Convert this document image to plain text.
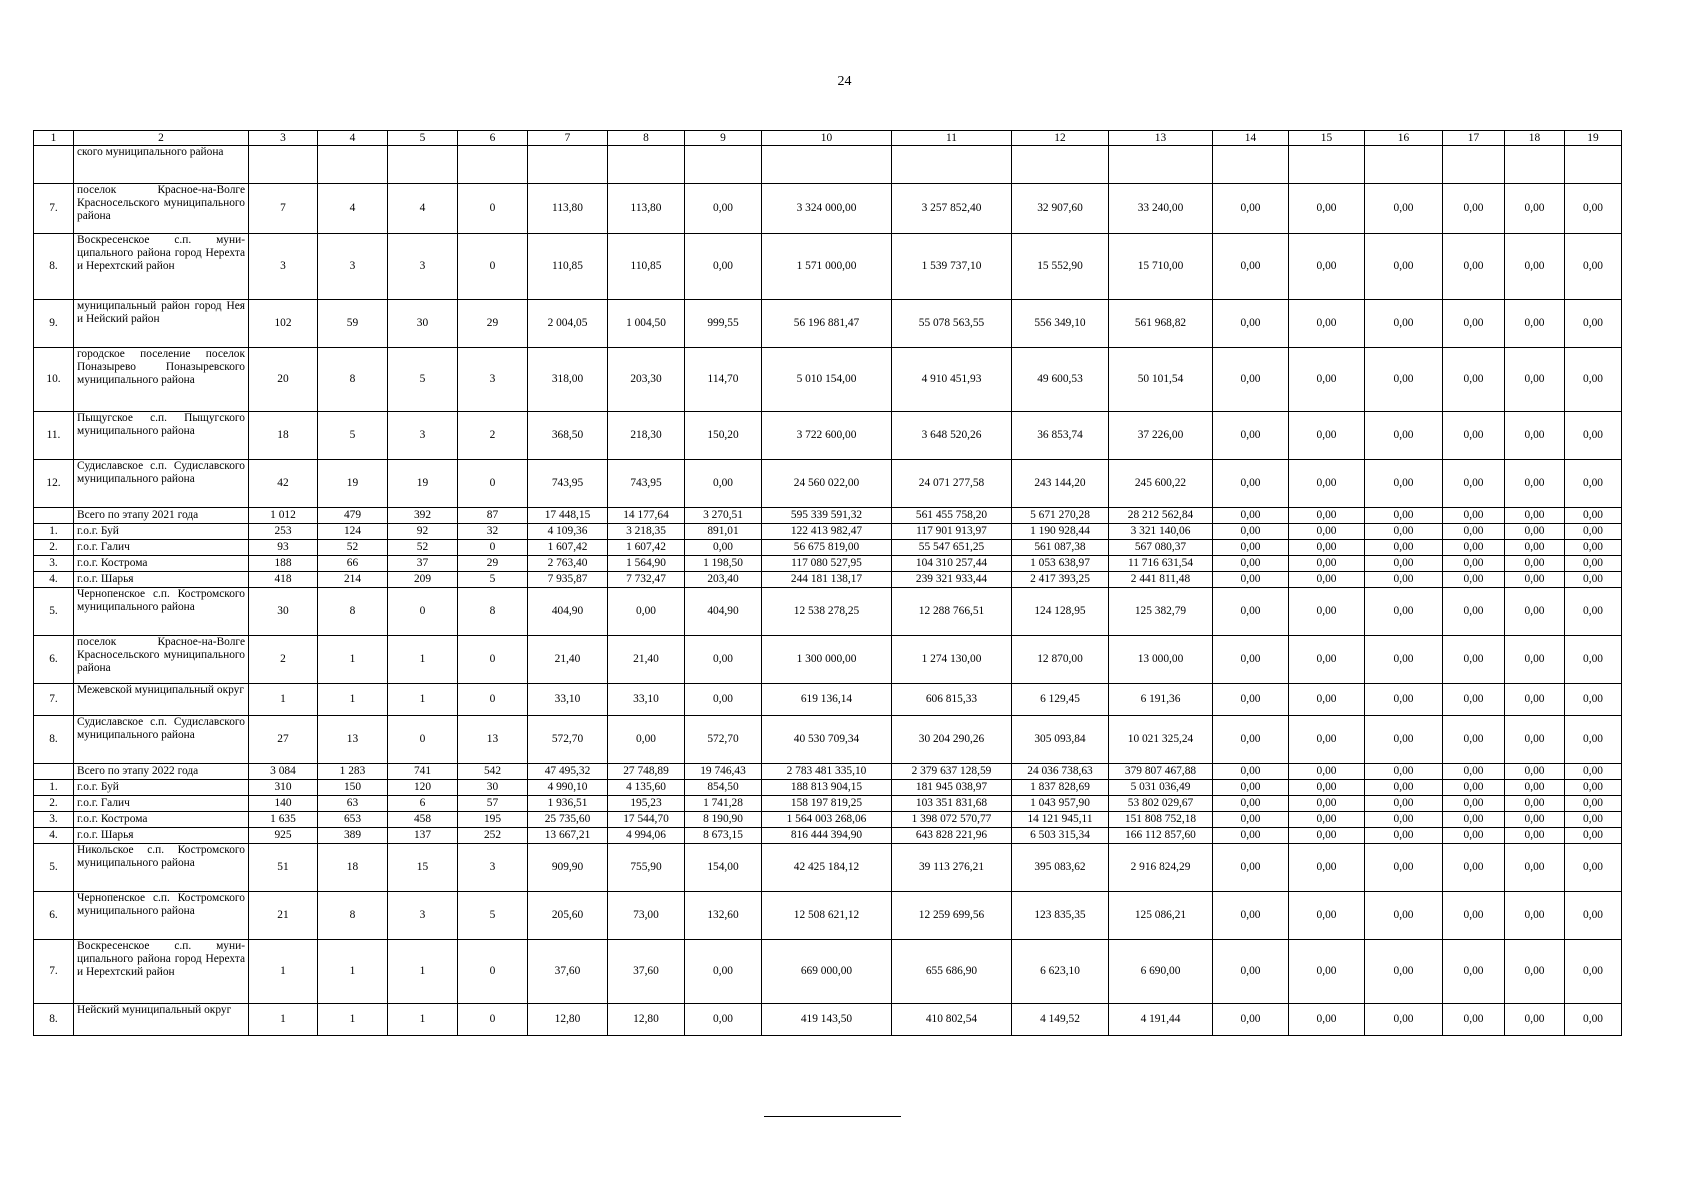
24
1	2	3	4	5	6	7	8	9	10	11	12	13	14	15	16	17	18	19
	ского муниципального района																	
7.	поселок Красное-на-Волге Красносельского муниципального района	7	4	4	0	113,80	113,80	0,00	3 324 000,00	3 257 852,40	32 907,60	33 240,00	0,00	0,00	0,00	0,00	0,00	0,00
8.	Воскресенское с.п. муниципального района город Нерехта и Нерехтский район	3	3	3	0	110,85	110,85	0,00	1 571 000,00	1 539 737,10	15 552,90	15 710,00	0,00	0,00	0,00	0,00	0,00	0,00
9.	муниципальный район город Нея и Нейский район	102	59	30	29	2 004,05	1 004,50	999,55	56 196 881,47	55 078 563,55	556 349,10	561 968,82	0,00	0,00	0,00	0,00	0,00	0,00
10.	городское поселение поселок Поназырево Поназыревского муниципального района	20	8	5	3	318,00	203,30	114,70	5 010 154,00	4 910 451,93	49 600,53	50 101,54	0,00	0,00	0,00	0,00	0,00	0,00
11.	Пыщугское с.п. Пыщугского муниципального района	18	5	3	2	368,50	218,30	150,20	3 722 600,00	3 648 520,26	36 853,74	37 226,00	0,00	0,00	0,00	0,00	0,00	0,00
12.	Судиславское с.п. Судиславского муниципального района	42	19	19	0	743,95	743,95	0,00	24 560 022,00	24 071 277,58	243 144,20	245 600,22	0,00	0,00	0,00	0,00	0,00	0,00
	Всего по этапу 2021 года	1 012	479	392	87	17 448,15	14 177,64	3 270,51	595 339 591,32	561 455 758,20	5 671 270,28	28 212 562,84	0,00	0,00	0,00	0,00	0,00	0,00
1.	г.о.г. Буй	253	124	92	32	4 109,36	3 218,35	891,01	122 413 982,47	117 901 913,97	1 190 928,44	3 321 140,06	0,00	0,00	0,00	0,00	0,00	0,00
2.	г.о.г. Галич	93	52	52	0	1 607,42	1 607,42	0,00	56 675 819,00	55 547 651,25	561 087,38	567 080,37	0,00	0,00	0,00	0,00	0,00	0,00
3.	г.о.г. Кострома	188	66	37	29	2 763,40	1 564,90	1 198,50	117 080 527,95	104 310 257,44	1 053 638,97	11 716 631,54	0,00	0,00	0,00	0,00	0,00	0,00
4.	г.о.г. Шарья	418	214	209	5	7 935,87	7 732,47	203,40	244 181 138,17	239 321 933,44	2 417 393,25	2 441 811,48	0,00	0,00	0,00	0,00	0,00	0,00
5.	Чернопенское с.п. Костромского муниципального района	30	8	0	8	404,90	0,00	404,90	12 538 278,25	12 288 766,51	124 128,95	125 382,79	0,00	0,00	0,00	0,00	0,00	0,00
6.	поселок Красное-на-Волге Красносельского муниципального района	2	1	1	0	21,40	21,40	0,00	1 300 000,00	1 274 130,00	12 870,00	13 000,00	0,00	0,00	0,00	0,00	0,00	0,00
7.	Межевской муниципальный округ	1	1	1	0	33,10	33,10	0,00	619 136,14	606 815,33	6 129,45	6 191,36	0,00	0,00	0,00	0,00	0,00	0,00
8.	Судиславское с.п. Судиславского муниципального района	27	13	0	13	572,70	0,00	572,70	40 530 709,34	30 204 290,26	305 093,84	10 021 325,24	0,00	0,00	0,00	0,00	0,00	0,00
	Всего по этапу 2022 года	3 084	1 283	741	542	47 495,32	27 748,89	19 746,43	2 783 481 335,10	2 379 637 128,59	24 036 738,63	379 807 467,88	0,00	0,00	0,00	0,00	0,00	0,00
1.	г.о.г. Буй	310	150	120	30	4 990,10	4 135,60	854,50	188 813 904,15	181 945 038,97	1 837 828,69	5 031 036,49	0,00	0,00	0,00	0,00	0,00	0,00
2.	г.о.г. Галич	140	63	6	57	1 936,51	195,23	1 741,28	158 197 819,25	103 351 831,68	1 043 957,90	53 802 029,67	0,00	0,00	0,00	0,00	0,00	0,00
3.	г.о.г. Кострома	1 635	653	458	195	25 735,60	17 544,70	8 190,90	1 564 003 268,06	1 398 072 570,77	14 121 945,11	151 808 752,18	0,00	0,00	0,00	0,00	0,00	0,00
4.	г.о.г. Шарья	925	389	137	252	13 667,21	4 994,06	8 673,15	816 444 394,90	643 828 221,96	6 503 315,34	166 112 857,60	0,00	0,00	0,00	0,00	0,00	0,00
5.	Никольское с.п. Костромского муниципального района	51	18	15	3	909,90	755,90	154,00	42 425 184,12	39 113 276,21	395 083,62	2 916 824,29	0,00	0,00	0,00	0,00	0,00	0,00
6.	Чернопенское с.п. Костромского муниципального района	21	8	3	5	205,60	73,00	132,60	12 508 621,12	12 259 699,56	123 835,35	125 086,21	0,00	0,00	0,00	0,00	0,00	0,00
7.	Воскресенское с.п. муниципального района город Нерехта и Нерехтский район	1	1	1	0	37,60	37,60	0,00	669 000,00	655 686,90	6 623,10	6 690,00	0,00	0,00	0,00	0,00	0,00	0,00
8.	Нейский муниципальный округ	1	1	1	0	12,80	12,80	0,00	419 143,50	410 802,54	4 149,52	4 191,44	0,00	0,00	0,00	0,00	0,00	0,00
